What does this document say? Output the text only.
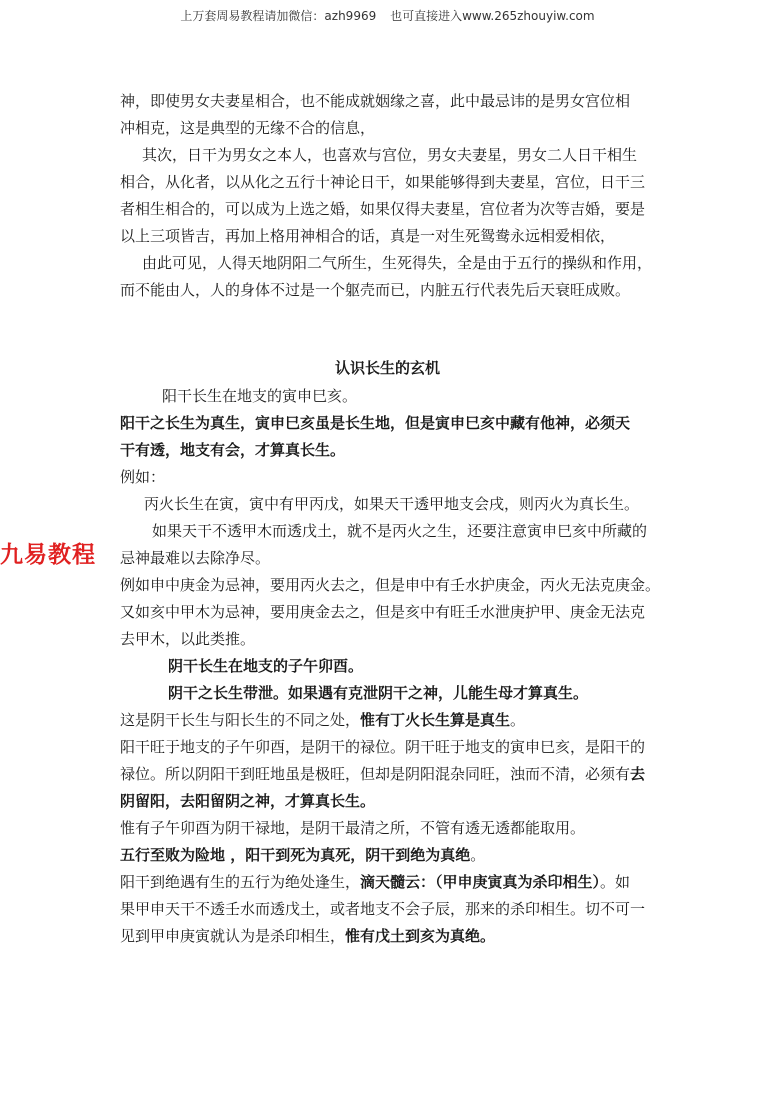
上万套周易教程请加微信：azh9969 也可直接进入www.265zhouyiw.com
神，即使男女夫妻星相合，也不能成就姻缘之喜，此中最忌讳的是男女宫位相
冲相克，这是典型的无缘不合的信息，
其次，日干为男女之本人，也喜欢与宫位，男女夫妻星，男女二人日干相生
相合，从化者，以从化之五行十神论日干，如果能够得到夫妻星，宫位，日干三
者相生相合的，可以成为上选之婚，如果仅得夫妻星，宫位者为次等吉婚，要是
以上三项皆吉，再加上格用神相合的话，真是一对生死鸳鸯永远相爱相依，
由此可见，人得天地阴阳二气所生，生死得失，全是由于五行的操纵和作用，
而不能由人，人的身体不过是一个躯壳而已，内脏五行代表先后天衰旺成败。
认识长生的玄机
阳干长生在地支的寅申巳亥。
阳干之长生为真生，寅申巳亥虽是长生地，但是寅申巳亥中藏有他神，必须天
干有透，地支有会，才算真长生。
例如：
丙火长生在寅，寅中有甲丙戊，如果天干透甲地支会戌，则丙火为真长生。
如果天干不透甲木而透戊土，就不是丙火之生，还要注意寅申巳亥中所藏的
忌神最难以去除净尽。
例如申中庚金为忌神，要用丙火去之，但是申中有壬水护庚金，丙火无法克庚金。
又如亥中甲木为忌神，要用庚金去之，但是亥中有旺壬水泄庚护甲、庚金无法克
去甲木，以此类推。
阴干长生在地支的子午卯酉。
阴干之长生带泄。如果遇有克泄阴干之神，儿能生母才算真生。
这是阴干长生与阳长生的不同之处，惟有丁火长生算是真生。
阳干旺于地支的子午卯酉，是阴干的禄位。阴干旺于地支的寅申巳亥，是阳干的
禄位。所以阴阳干到旺地虽是极旺，但却是阴阳混杂同旺，浊而不清，必须有去
阴留阳，去阳留阴之神，才算真长生。
惟有子午卯酉为阴干禄地，是阴干最清之所，不管有透无透都能取用。
五行至败为险地 ，阳干到死为真死，阴干到绝为真绝。
阳干到绝遇有生的五行为绝处逢生，滴天髓云：（甲申庚寅真为杀印相生）。如
果甲申天干不透壬水而透戊土，或者地支不会子辰，那来的杀印相生。切不可一
见到甲申庚寅就认为是杀印相生，惟有戊土到亥为真绝。
九易教程
